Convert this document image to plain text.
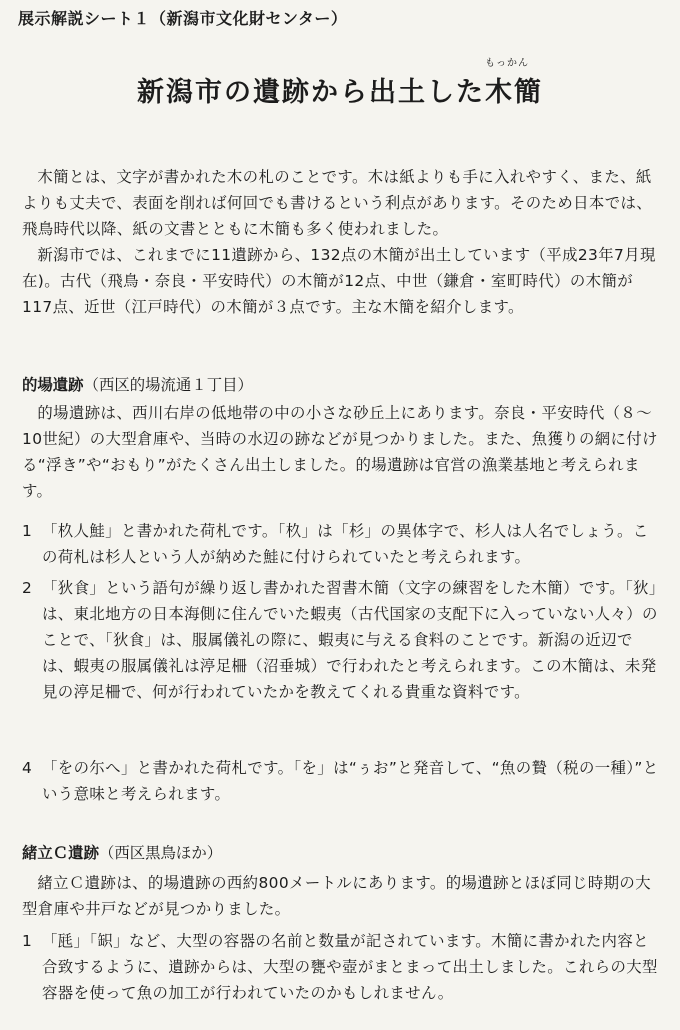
展示解説シート１（新潟市文化財センター）
新潟市の遺跡から出土した木簡
もっかん

木簡とは、文字が書かれた木の札のことです。木は紙よりも手に入れやすく、また、紙よりも丈夫で、表面を削れば何回でも書けるという利点があります。そのため日本では、飛鳥時代以降、紙の文書とともに木簡も多く使われました。

新潟市では、これまでに11遺跡から、132点の木簡が出土しています（平成23年7月現在)。古代（飛鳥・奈良・平安時代）の木簡が12点、中世（鎌倉・室町時代）の木簡が117点、近世（江戸時代）の木簡が３点です。主な木簡を紹介します。

的場遺跡（西区的場流通１丁目）

的場遺跡は、西川右岸の低地帯の中の小さな砂丘上にあります。奈良・平安時代（８～10世紀）の大型倉庫や、当時の水辺の跡などが見つかりました。また、魚獲りの網に付ける“浮き”や“おもり”がたくさん出土しました。的場遺跡は官営の漁業基地と考えられます。

1 「杦人鮭」と書かれた荷札です。「杦」は「杉」の異体字で、杉人は人名でしょう。この荷札は杉人という人が納めた鮭に付けられていたと考えられます。
2 「狄食」という語句が繰り返し書かれた習書木簡（文字の練習をした木簡）です。「狄」は、東北地方の日本海側に住んでいた蝦夷（古代国家の支配下に入っていない人々）のことで、「狄食」は、服属儀礼の際に、蝦夷に与える食料のことです。新潟の近辺では、蝦夷の服属儀礼は渟足柵（沼垂城）で行われたと考えられます。この木簡は、未発見の渟足柵で、何が行われていたかを教えてくれる貴重な資料です。
4 「をの尓へ」と書かれた荷札です。「を」は“ぅお”と発音して、“魚の贄（税の一種）”という意味と考えられます。
緒立Ｃ遺跡（西区黒鳥ほか）

緒立Ｃ遺跡は、的場遺跡の西約800メートルにあります。的場遺跡とほぼ同じ時期の大型倉庫や井戸などが見つかりました。

1 「瓱」「䍉」など、大型の容器の名前と数量が記されています。木簡に書かれた内容と合致するように、遺跡からは、大型の甕や壺がまとまって出土しました。これらの大型容器を使って魚の加工が行われていたのかもしれません。
